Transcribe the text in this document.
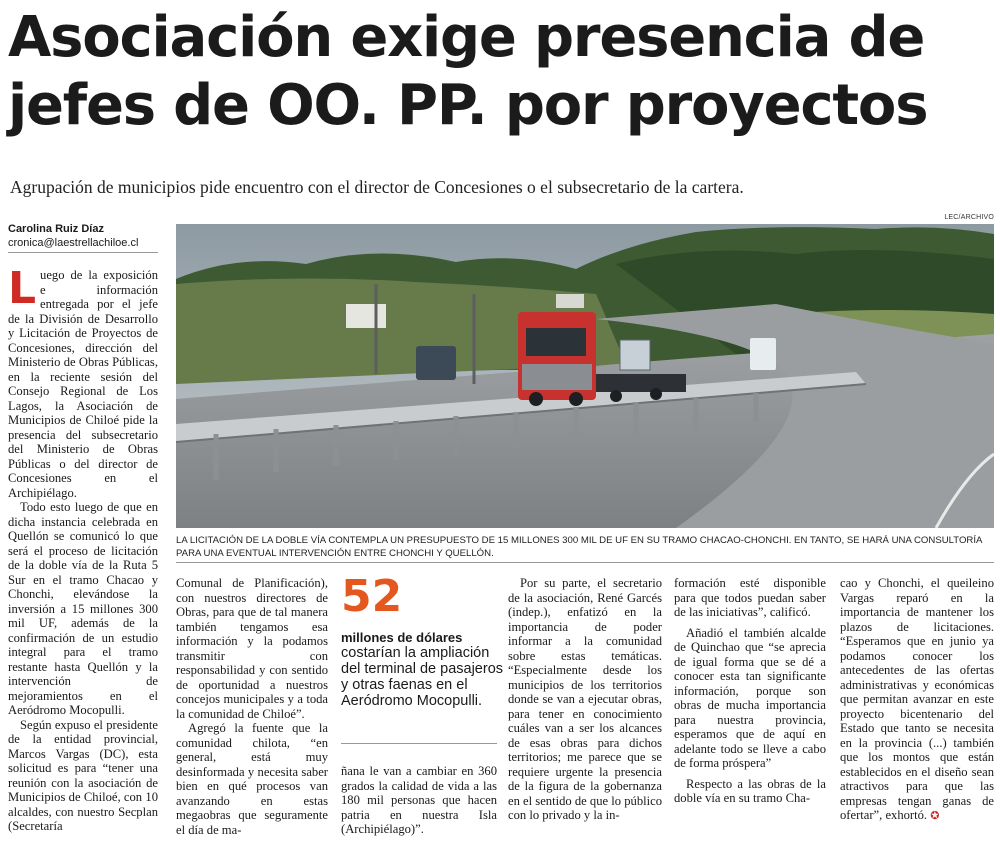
Asociación exige presencia de
jefes de OO. PP. por proyectos
Agrupación de municipios pide encuentro con el director de Concesiones o el subsecretario de la cartera.
Carolina Ruiz Díaz
cronica@laestrellachiloe.cl
LEC/ARCHIVO
LA LICITACIÓN DE LA DOBLE VÍA CONTEMPLA UN PRESUPUESTO DE 15 MILLONES 300 MIL DE UF EN SU TRAMO CHACAO-CHONCHI. EN TANTO, SE HARÁ UNA CONSULTORÍA PARA UNA EVENTUAL INTERVENCIÓN ENTRE CHONCHI Y QUELLÓN.

Luego de la exposición e información entregada por el jefe de la División de Desarrollo y Licitación de Proyectos de Concesiones, dirección del Ministerio de Obras Públicas, en la reciente sesión del Consejo Regional de Los Lagos, la Asociación de Municipios de Chiloé pide la presencia del subsecretario del Ministerio de Obras Públicas o del director de Concesiones en el Archipiélago.

Todo esto luego de que en dicha instancia celebrada en Quellón se comunicó lo que será el proceso de licitación de la doble vía de la Ruta 5 Sur en el tramo Chacao y Chonchi, elevándose la inversión a 15 millones 300 mil UF, además de la confirmación de un estudio integral para el tramo restante hasta Quellón y la intervención de mejoramientos en el Aeródromo Mocopulli.

Según expuso el presidente de la entidad provincial, Marcos Vargas (DC), esta solicitud es para “tener una reunión con la asociación de Municipios de Chiloé, con 10 alcaldes, con nuestro Secplan (Secretaría

Comunal de Planificación), con nuestros directores de Obras, para que de tal manera también tengamos esa información y la podamos transmitir con responsabilidad y con sentido de oportunidad a nuestros concejos municipales y a toda la comunidad de Chiloé”.

Agregó la fuente que la comunidad chilota, “en general, está muy desinformada y necesita saber bien en qué procesos van avanzando en estas megaobras que seguramente el día de ma-

52

millones de dólares

costarían la ampliación del terminal de pasajeros y otras faenas en el Aeródromo Mocopulli.

ñana le van a cambiar en 360 grados la calidad de vida a las 180 mil personas que hacen patria en nuestra Isla (Archipiélago)”.

Por su parte, el secretario de la asociación, René Garcés (indep.), enfatizó en la importancia de poder informar a la comunidad sobre estas temáticas. “Especialmente desde los municipios de los territorios donde se van a ejecutar obras, para tener en conocimiento cuáles van a ser los alcances de esas obras para dichos territorios; me parece que se requiere urgente la presencia de la figura de la gobernanza en el sentido de que lo público con lo privado y la in-

formación esté disponible para que todos puedan saber de las iniciativas”, calificó.

Añadió el también alcalde de Quinchao que “se aprecia de igual forma que se dé a conocer esta tan significante información, porque son obras de mucha importancia para nuestra provincia, esperamos que de aquí en adelante todo se lleve a cabo de forma próspera”

Respecto a las obras de la doble vía en su tramo Cha-

cao y Chonchi, el queileino Vargas reparó en la importancia de mantener los plazos de licitaciones. “Esperamos que en junio ya podamos conocer los antecedentes de las ofertas administrativas y económicas que permitan avanzar en este proyecto bicentenario del Estado que tanto se necesita en la provincia (...) también que los montos que están establecidos en el diseño sean atractivos para que las empresas tengan ganas de ofertar”, exhortó. ✪
